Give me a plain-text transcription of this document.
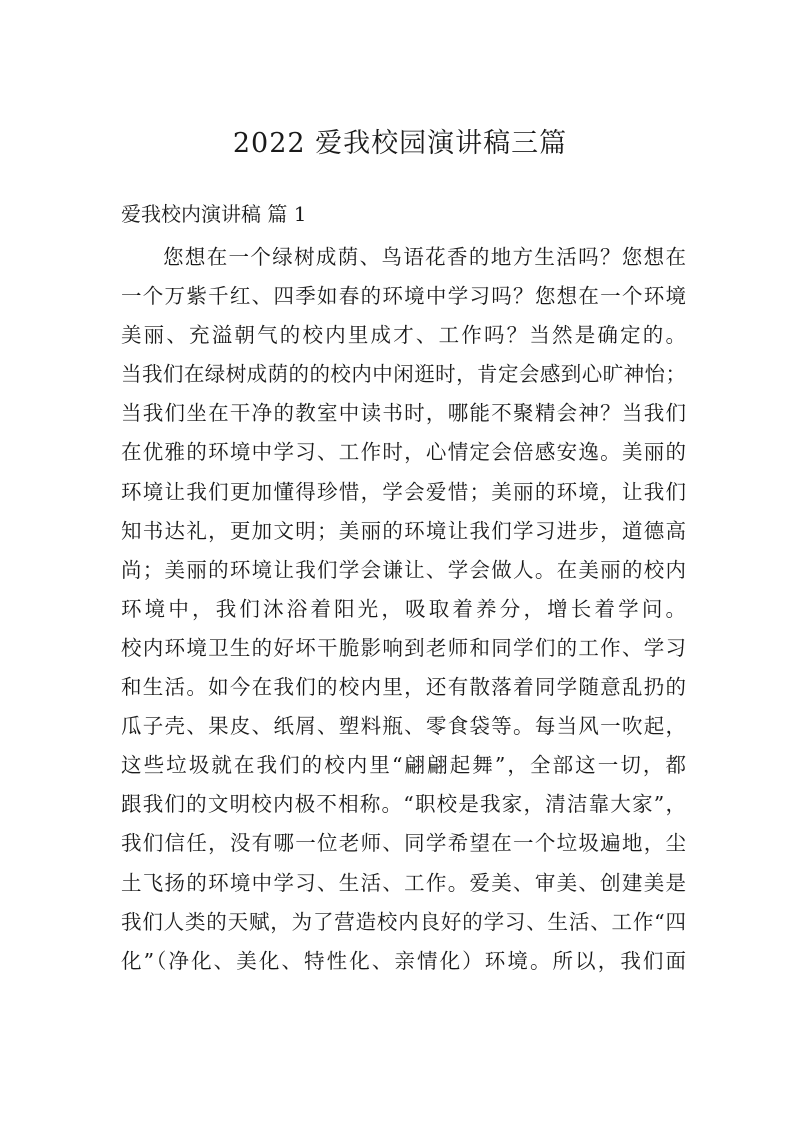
2022 爱我校园演讲稿三篇
爱我校内演讲稿 篇 1
您想在一个绿树成荫、鸟语花香的地方生活吗？您想在
一个万紫千红、四季如春的环境中学习吗？您想在一个环境
美丽、充溢朝气的校内里成才、工作吗？当然是确定的。
当我们在绿树成荫的的校内中闲逛时，肯定会感到心旷神怡；
当我们坐在干净的教室中读书时，哪能不聚精会神？当我们
在优雅的环境中学习、工作时，心情定会倍感安逸。美丽的
环境让我们更加懂得珍惜，学会爱惜；美丽的环境，让我们
知书达礼，更加文明；美丽的环境让我们学习进步，道德高
尚；美丽的环境让我们学会谦让、学会做人。在美丽的校内
环境中，我们沐浴着阳光，吸取着养分，增长着学问。
校内环境卫生的好坏干脆影响到老师和同学们的工作、学习
和生活。如今在我们的校内里，还有散落着同学随意乱扔的
瓜子壳、果皮、纸屑、塑料瓶、零食袋等。每当风一吹起，
这些垃圾就在我们的校内里“翩翩起舞”，全部这一切，都
跟我们的文明校内极不相称。“职校是我家，清洁靠大家”，
我们信任，没有哪一位老师、同学希望在一个垃圾遍地，尘
土飞扬的环境中学习、生活、工作。爱美、审美、创建美是
我们人类的天赋，为了营造校内良好的学习、生活、工作“四
化”（净化、美化、特性化、亲情化）环境。所以，我们面
